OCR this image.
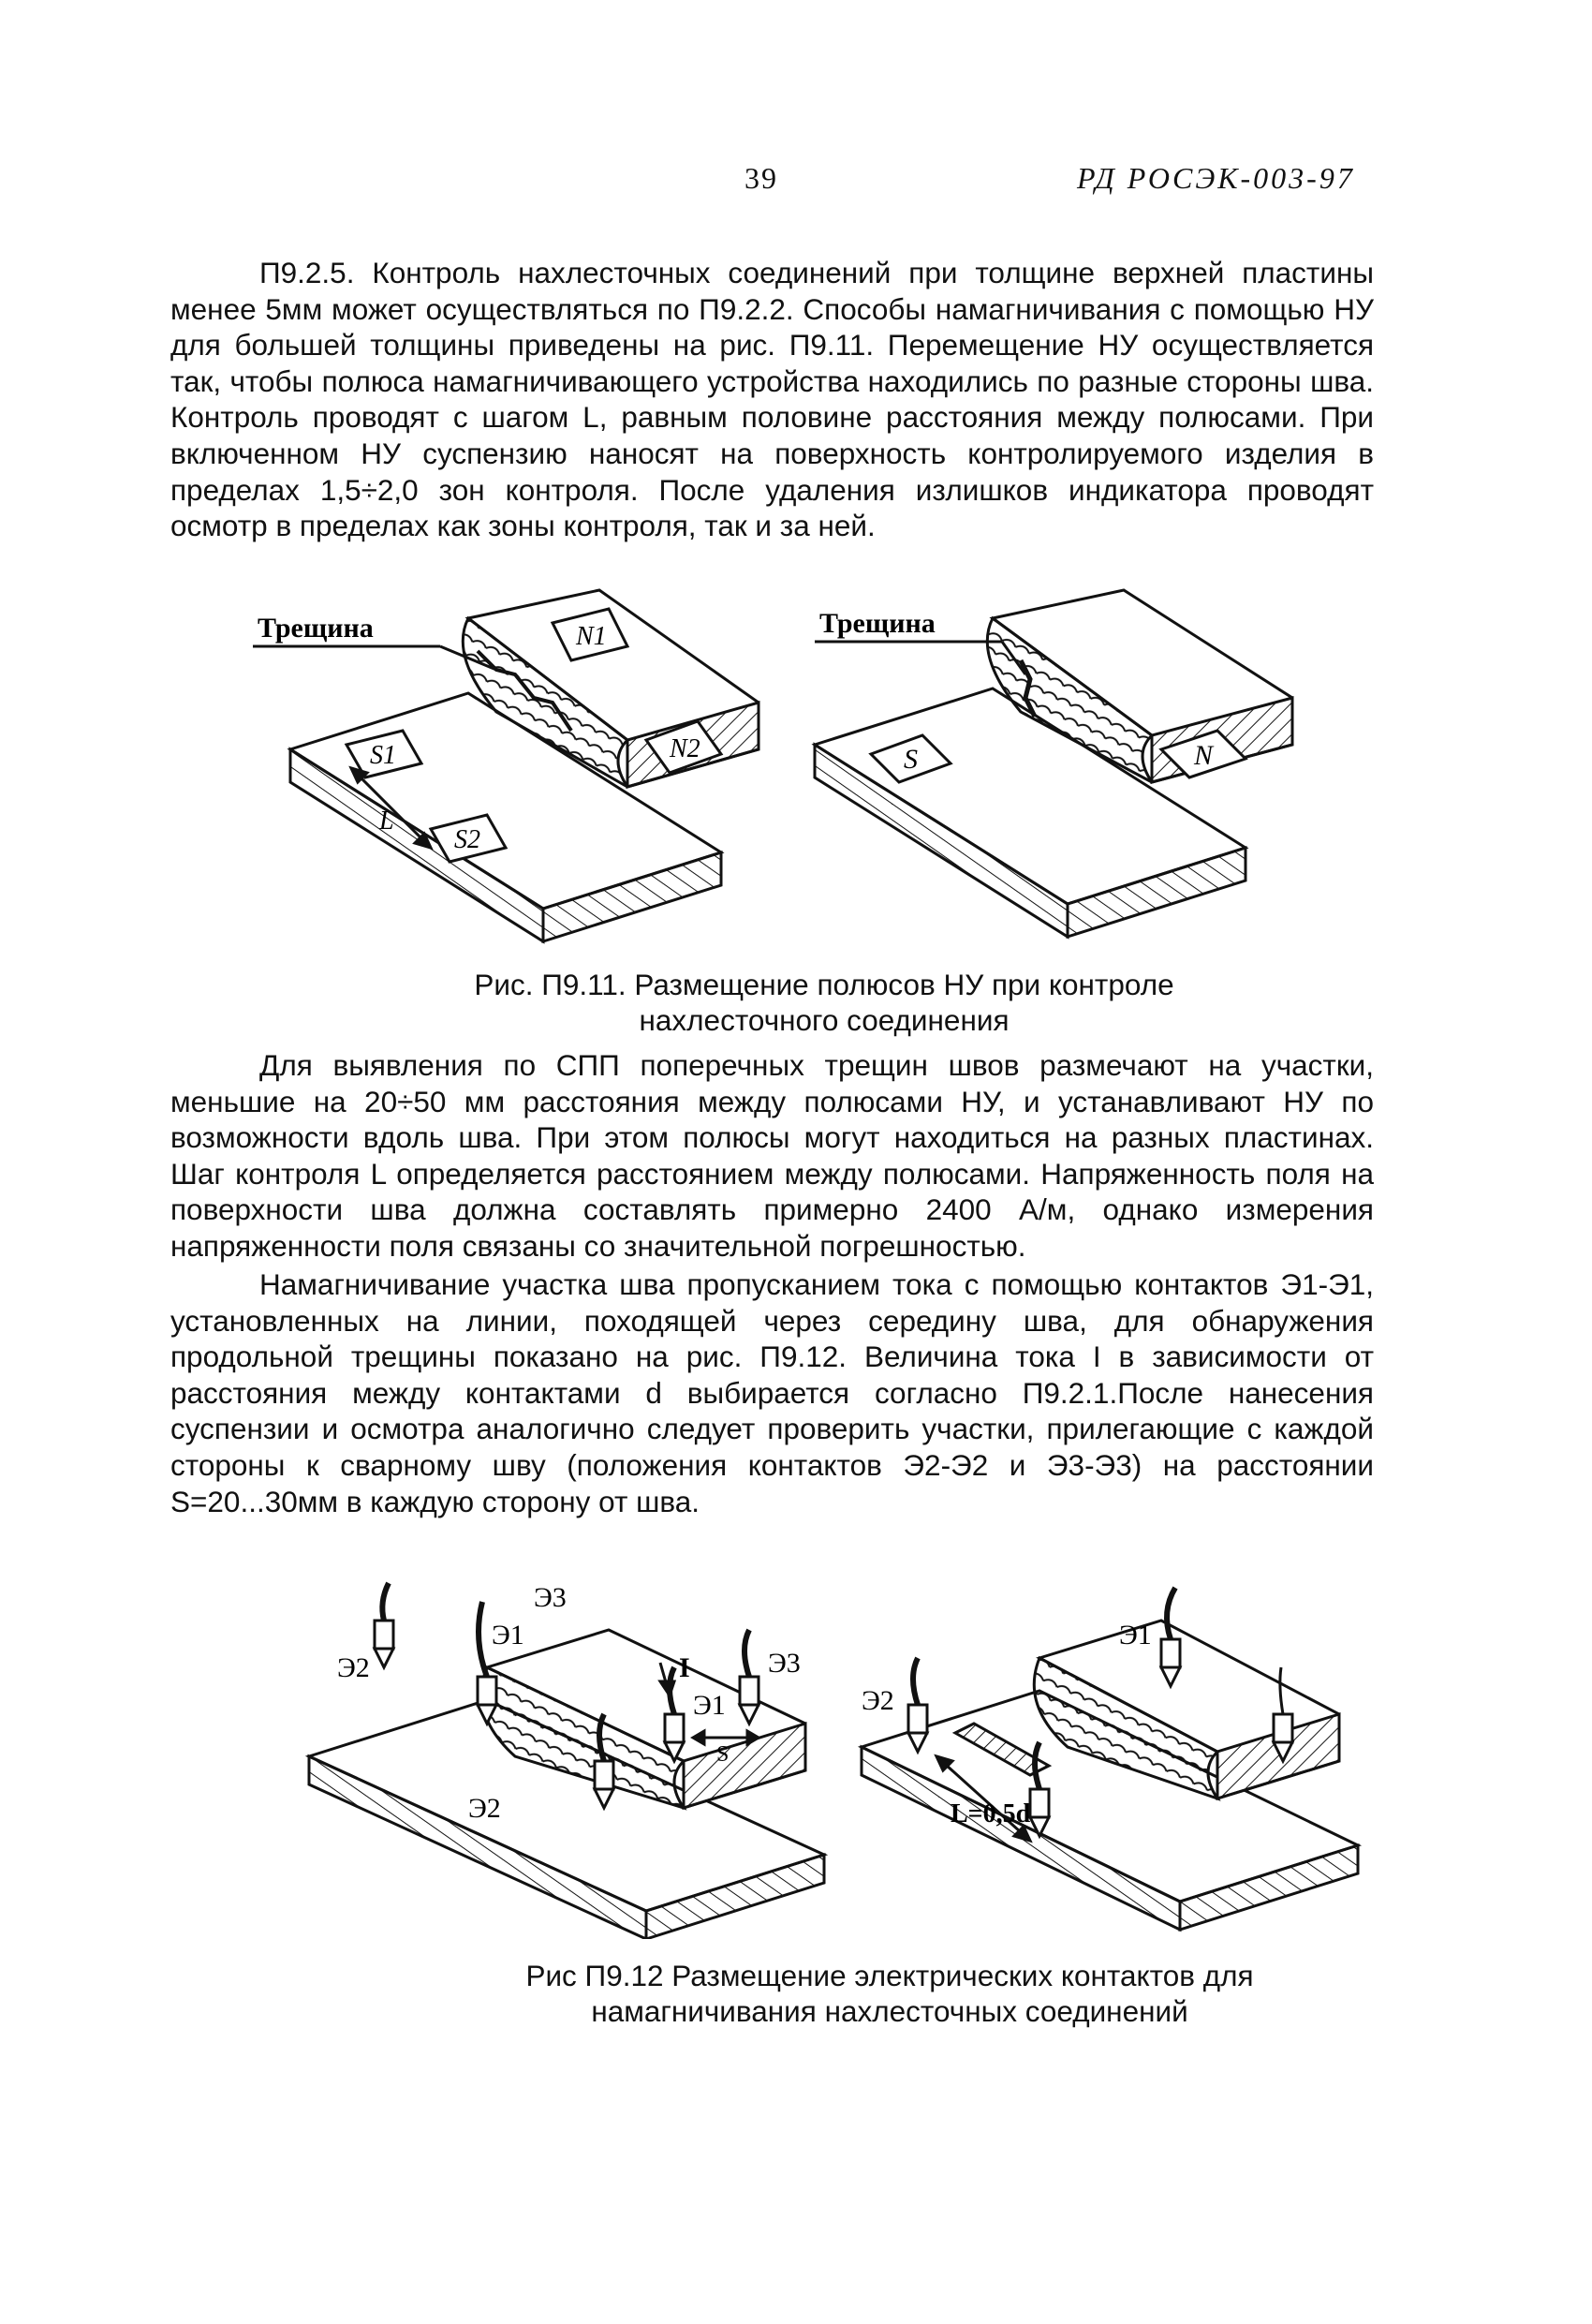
39	РД РОСЭК-003-97

П9.2.5. Контроль нахлесточных соединений при толщине верхней пластины менее 5мм может осуществляться по П9.2.2. Способы намагничивания с помощью НУ для большей толщины приведены на рис. П9.11. Перемещение НУ осуществляется так, чтобы полюса намагничивающего устройства находились по разные стороны шва. Контроль проводят с шагом L, равным половине расстояния между полюсами. При включенном НУ суспензию наносят на поверхность контролируемого изделия в пределах 1,5÷2,0 зон контроля. После удаления излишков индикатора проводят осмотр в пределах как зоны контроля, так и за ней.

Трещина	N1
N2
S1
S2
L
Трещина
S	N

Рис. П9.11. Размещение полюсов НУ при контроле нахлесточного соединения

Для выявления по СПП поперечных трещин швов размечают на участки, меньшие на 20÷50 мм расстояния между полюсами НУ, и устанавливают НУ по возможности вдоль шва. При этом полюсы могут находиться на разных пластинах. Шаг контроля L определяется расстоянием между полюсами. Напряженность поля на поверхности шва должна составлять примерно 2400 А/м, однако измерения напряженности поля связаны со значительной погрешностью.

Намагничивание участка шва пропусканием тока с помощью контактов Э1-Э1, установленных на линии, походящей через середину шва, для обнаружения продольной трещины показано на рис. П9.12. Величина тока I в зависимости от расстояния между контактами d выбирается согласно П9.2.1.После нанесения суспензии и осмотра аналогично следует проверить участки, прилегающие с каждой стороны к сварному шву (положения контактов Э2-Э2 и Э3-Э3) на расстоянии S=20...30мм в каждую сторону от шва.

Э3
Э1
Э2	Э3
Э1
Э2
I
S
Э1
Э2
L=0,5d

Рис П9.12 Размещение электрических контактов для намагничивания нахлесточных соединений
